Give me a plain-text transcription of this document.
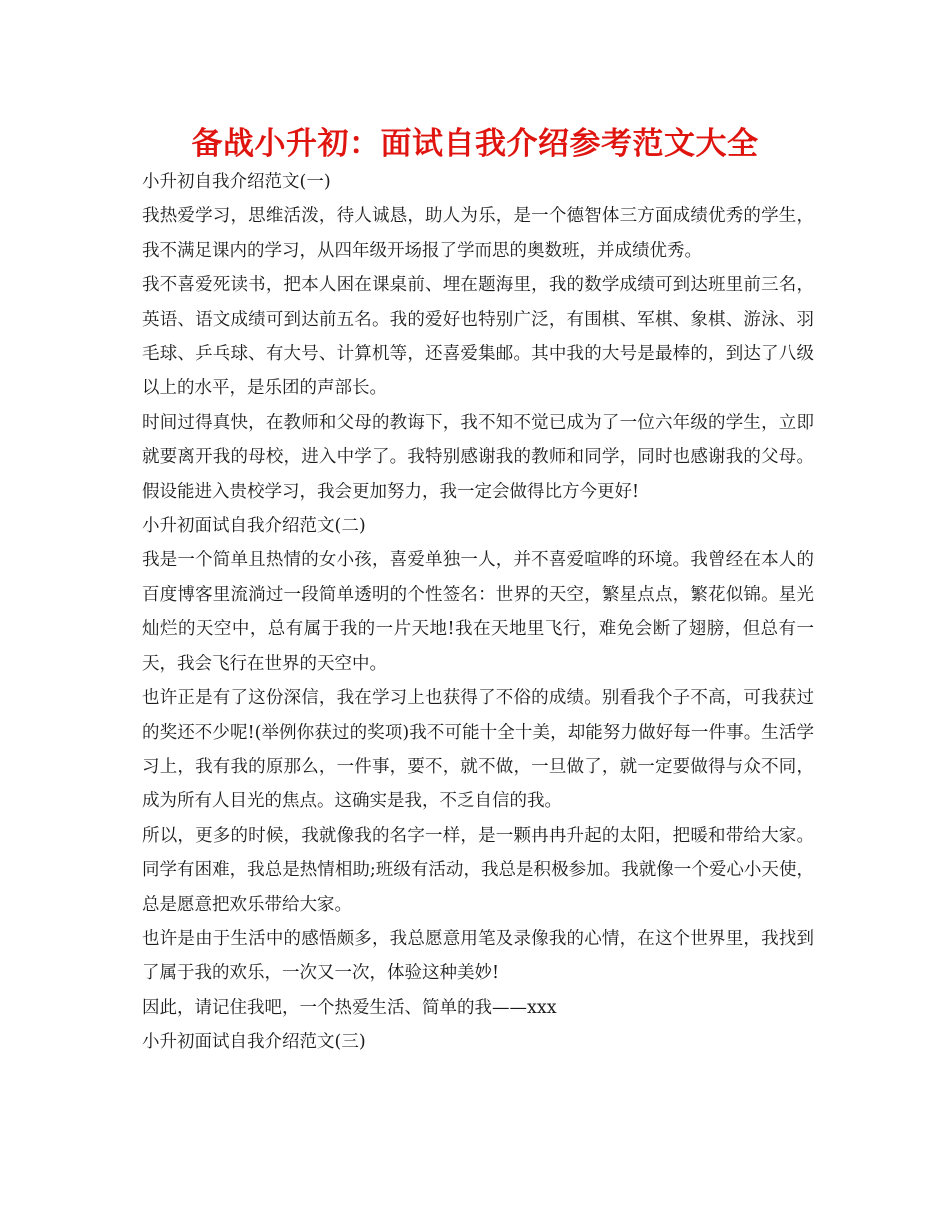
备战小升初：面试自我介绍参考范文大全

小升初自我介绍范文(一)

我热爱学习，思维活泼，待人诚恳，助人为乐，是一个德智体三方面成绩优秀的学生，我不满足课内的学习，从四年级开场报了学而思的奥数班，并成绩优秀。

我不喜爱死读书，把本人困在课桌前、埋在题海里，我的数学成绩可到达班里前三名，英语、语文成绩可到达前五名。我的爱好也特别广泛，有围棋、军棋、象棋、游泳、羽毛球、乒乓球、有大号、计算机等，还喜爱集邮。其中我的大号是最棒的，到达了八级以上的水平，是乐团的声部长。

时间过得真快，在教师和父母的教诲下，我不知不觉已成为了一位六年级的学生，立即就要离开我的母校，进入中学了。我特别感谢我的教师和同学，同时也感谢我的父母。假设能进入贵校学习，我会更加努力，我一定会做得比方今更好!

小升初面试自我介绍范文(二)

我是一个简单且热情的女小孩，喜爱单独一人，并不喜爱喧哗的环境。我曾经在本人的百度博客里流淌过一段简单透明的个性签名：世界的天空，繁星点点，繁花似锦。星光灿烂的天空中，总有属于我的一片天地!我在天地里飞行，难免会断了翅膀，但总有一天，我会飞行在世界的天空中。

也许正是有了这份深信，我在学习上也获得了不俗的成绩。别看我个子不高，可我获过的奖还不少呢!(举例你获过的奖项)我不可能十全十美，却能努力做好每一件事。生活学习上，我有我的原那么，一件事，要不，就不做，一旦做了，就一定要做得与众不同，成为所有人目光的焦点。这确实是我，不乏自信的我。

所以，更多的时候，我就像我的名字一样，是一颗冉冉升起的太阳，把暖和带给大家。同学有困难，我总是热情相助;班级有活动，我总是积极参加。我就像一个爱心小天使，总是愿意把欢乐带给大家。

也许是由于生活中的感悟颇多，我总愿意用笔及录像我的心情，在这个世界里，我找到了属于我的欢乐，一次又一次，体验这种美妙!

因此，请记住我吧，一个热爱生活、简单的我——xxx

小升初面试自我介绍范文(三)
